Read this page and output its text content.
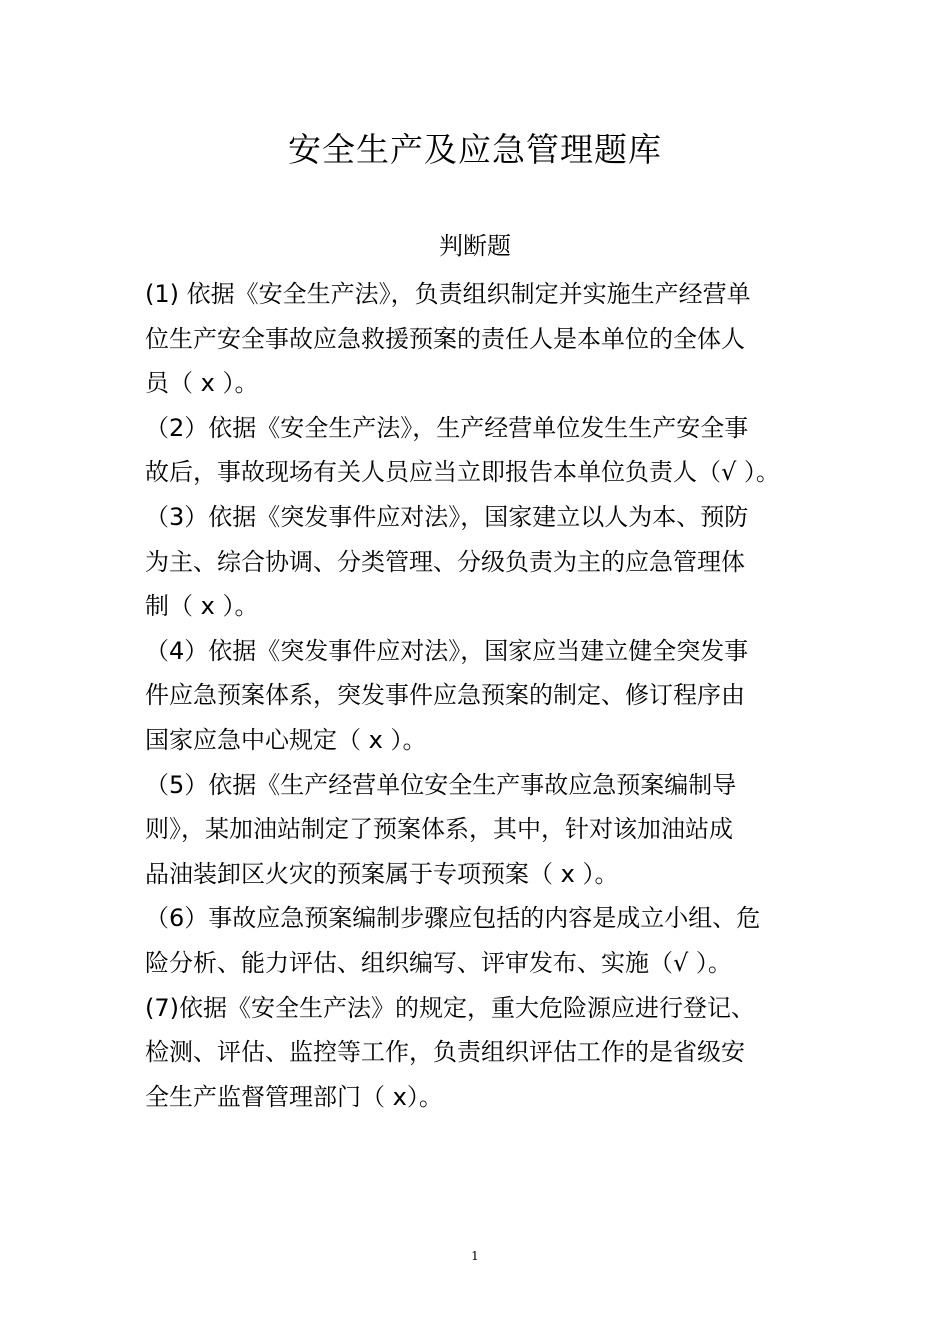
安全生产及应急管理题库
判断题
(1) 依据《安全生产法》，负责组织制定并实施生产经营单
位生产安全事故应急救援预案的责任人是本单位的全体人
员（ x ）。
（2）依据《安全生产法》，生产经营单位发生生产安全事
故后，事故现场有关人员应当立即报告本单位负责人（√ ）。
（3）依据《突发事件应对法》，国家建立以人为本、预防
为主、综合协调、分类管理、分级负责为主的应急管理体
制（ x ）。
（4）依据《突发事件应对法》，国家应当建立健全突发事
件应急预案体系，突发事件应急预案的制定、修订程序由
国家应急中心规定（ x ）。
（5）依据《生产经营单位安全生产事故应急预案编制导
则》，某加油站制定了预案体系，其中，针对该加油站成
品油装卸区火灾的预案属于专项预案（ x ）。
（6）事故应急预案编制步骤应包括的内容是成立小组、危
险分析、能力评估、组织编写、评审发布、实施（√ ）。
(7)依据《安全生产法》的规定，重大危险源应进行登记、
检测、评估、监控等工作，负责组织评估工作的是省级安
全生产监督管理部门（ x）。
1
